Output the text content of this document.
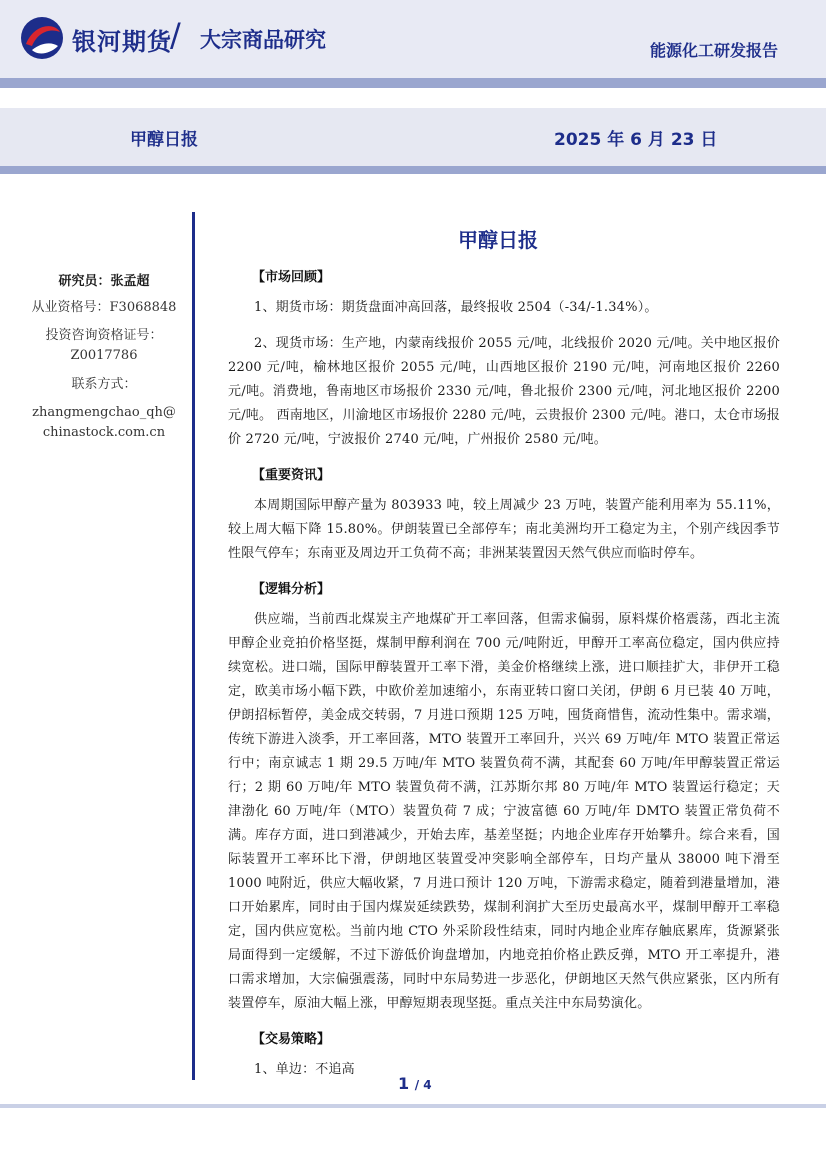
银河期货
/ 大宗商品研究	能源化工研发报告
甲醇日报	2025 年 6 月 23 日
研究员：张孟超
从业资格号：F3068848
投资咨询资格证号：
Z0017786
联系方式：
zhangmengchao_qh@
chinastock.com.cn
甲醇日报
【市场回顾】

1、期货市场：期货盘面冲高回落，最终报收 2504（-34/-1.34%）。

2、现货市场：生产地，内蒙南线报价 2055 元/吨，北线报价 2020 元/吨。关中地区报价 2200 元/吨，榆林地区报价 2055 元/吨，山西地区报价 2190 元/吨，河南地区报价 2260 元/吨。消费地，鲁南地区市场报价 2330 元/吨，鲁北报价 2300 元/吨，河北地区报价 2200 元/吨。 西南地区，川渝地区市场报价 2280 元/吨，云贵报价 2300 元/吨。港口，太仓市场报价 2720 元/吨，宁波报价 2740 元/吨，广州报价 2580 元/吨。

【重要资讯】

本周期国际甲醇产量为 803933 吨，较上周减少 23 万吨，装置产能利用率为 55.11%，较上周大幅下降 15.80%。伊朗装置已全部停车；南北美洲均开工稳定为主，个别产线因季节性限气停车；东南亚及周边开工负荷不高；非洲某装置因天然气供应而临时停车。

【逻辑分析】

供应端，当前西北煤炭主产地煤矿开工率回落，但需求偏弱，原料煤价格震荡，西北主流甲醇企业竞拍价格坚挺，煤制甲醇利润在 700 元/吨附近，甲醇开工率高位稳定，国内供应持续宽松。进口端，国际甲醇装置开工率下滑，美金价格继续上涨，进口顺挂扩大，非伊开工稳定，欧美市场小幅下跌，中欧价差加速缩小，东南亚转口窗口关闭，伊朗 6 月已装 40 万吨，伊朗招标暂停，美金成交转弱，7 月进口预期 125 万吨，囤货商惜售，流动性集中。需求端，传统下游进入淡季，开工率回落，MTO 装置开工率回升，兴兴 69 万吨/年 MTO 装置正常运行中；南京诚志 1 期 29.5 万吨/年 MTO 装置负荷不满，其配套 60 万吨/年甲醇装置正常运行；2 期 60 万吨/年 MTO 装置负荷不满，江苏斯尔邦 80 万吨/年 MTO 装置运行稳定；天津渤化 60 万吨/年（MTO）装置负荷 7 成；宁波富德 60 万吨/年 DMTO 装置正常负荷不满。库存方面，进口到港减少，开始去库，基差坚挺；内地企业库存开始攀升。综合来看，国际装置开工率环比下滑，伊朗地区装置受冲突影响全部停车，日均产量从 38000 吨下滑至 1000 吨附近，供应大幅收紧，7 月进口预计 120 万吨，下游需求稳定，随着到港量增加，港口开始累库，同时由于国内煤炭延续跌势，煤制利润扩大至历史最高水平，煤制甲醇开工率稳定，国内供应宽松。当前内地 CTO 外采阶段性结束，同时内地企业库存触底累库，货源紧张局面得到一定缓解，不过下游低价询盘增加，内地竞拍价格止跌反弹，MTO 开工率提升，港口需求增加，大宗偏强震荡，同时中东局势进一步恶化，伊朗地区天然气供应紧张，区内所有装置停车，原油大幅上涨，甲醇短期表现坚挺。重点关注中东局势演化。

【交易策略】

1、单边：不追高

1 / 4
